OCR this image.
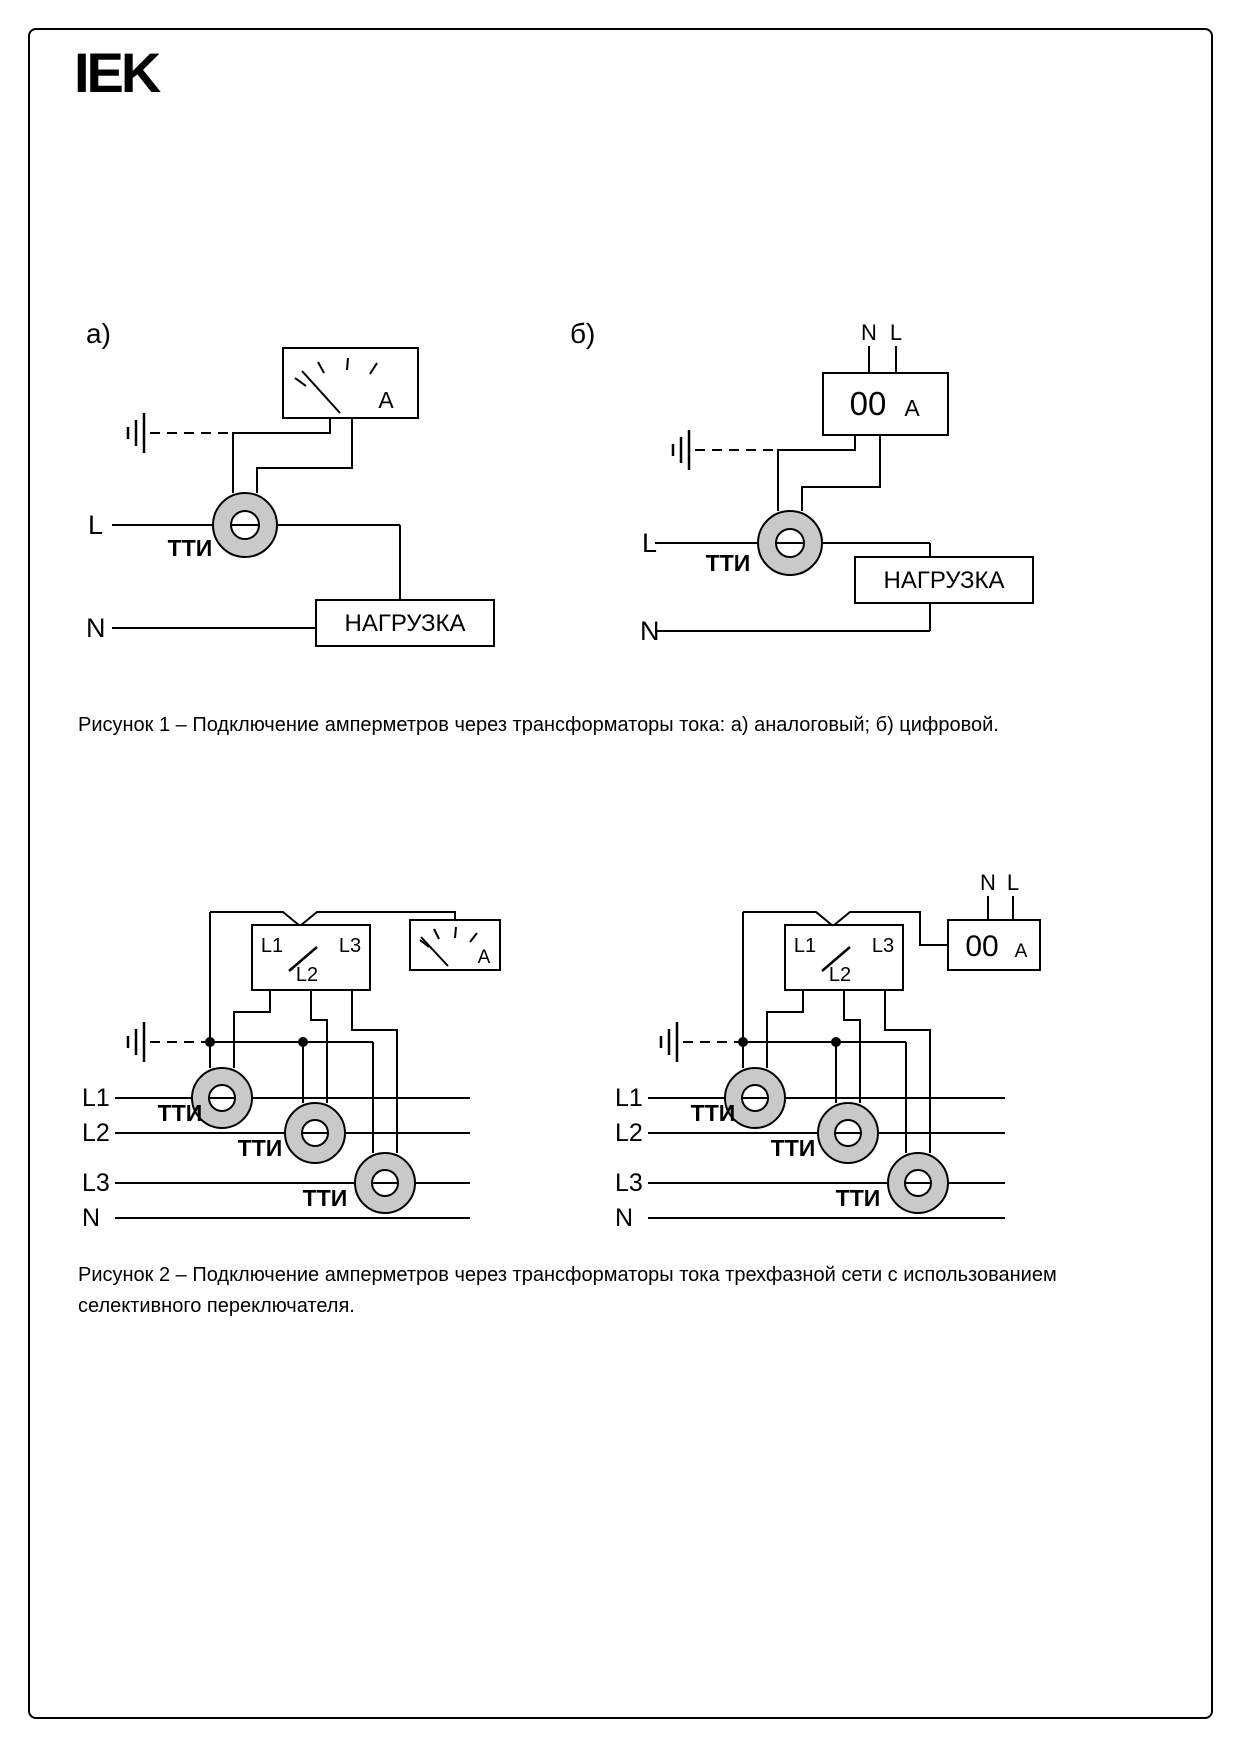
IEK
а)
А
L
N
ТТИ
НАГРУЗКА
б)	N L
00 А
L
N
ТТИ
НАГРУЗКА
L1	L3
L2
А
L1
L2
L3
N
ТТИ
ТТИ
ТТИ
L1	L3
L2
N L
00 А
L1
L2
L3
N
ТТИ
ТТИ
ТТИ
Рисунок 1 – Подключение амперметров через трансформаторы тока: а) аналоговый; б) цифровой.
Рисунок 2 – Подключение амперметров через трансформаторы тока трехфазной сети с использованием
селективного переключателя.
